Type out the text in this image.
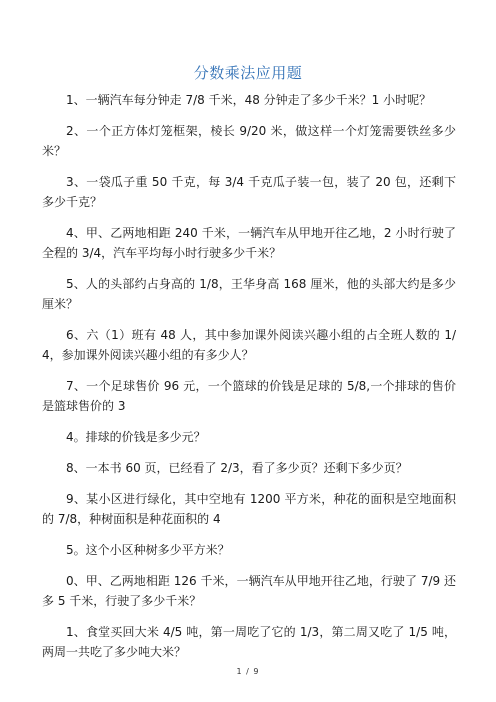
分数乘法应用题

1、一辆汽车每分钟走 7/8 千米，48 分钟走了多少千米？1 小时呢？

2、一个正方体灯笼框架，棱长 9/20 米，做这样一个灯笼需要铁丝多少米？

3、一袋瓜子重 50 千克，每 3/4 千克瓜子装一包，装了 20 包，还剩下多少千克？

4、甲、乙两地相距 240 千米，一辆汽车从甲地开往乙地，2 小时行驶了全程的 3/4，汽车平均每小时行驶多少千米？

5、人的头部约占身高的 1/8，王华身高 168 厘米，他的头部大约是多少厘米？

6、六（1）班有 48 人，其中参加课外阅读兴趣小组的占全班人数的 1/4，参加课外阅读兴趣小组的有多少人？

7、一个足球售价 96 元，一个篮球的价钱是足球的 5/8,一个排球的售价是篮球售价的 3

4。排球的价钱是多少元？

8、一本书 60 页，已经看了 2/3，看了多少页？还剩下多少页？

9、某小区进行绿化，其中空地有 1200 平方米，种花的面积是空地面积的 7/8，种树面积是种花面积的 4

5。这个小区种树多少平方米？

0、甲、乙两地相距 126 千米，一辆汽车从甲地开往乙地，行驶了 7/9 还多 5 千米，行驶了多少千米？

1、食堂买回大米 4/5 吨，第一周吃了它的 1/3，第二周又吃了 1/5 吨，两周一共吃了多少吨大米？

1 / 9
